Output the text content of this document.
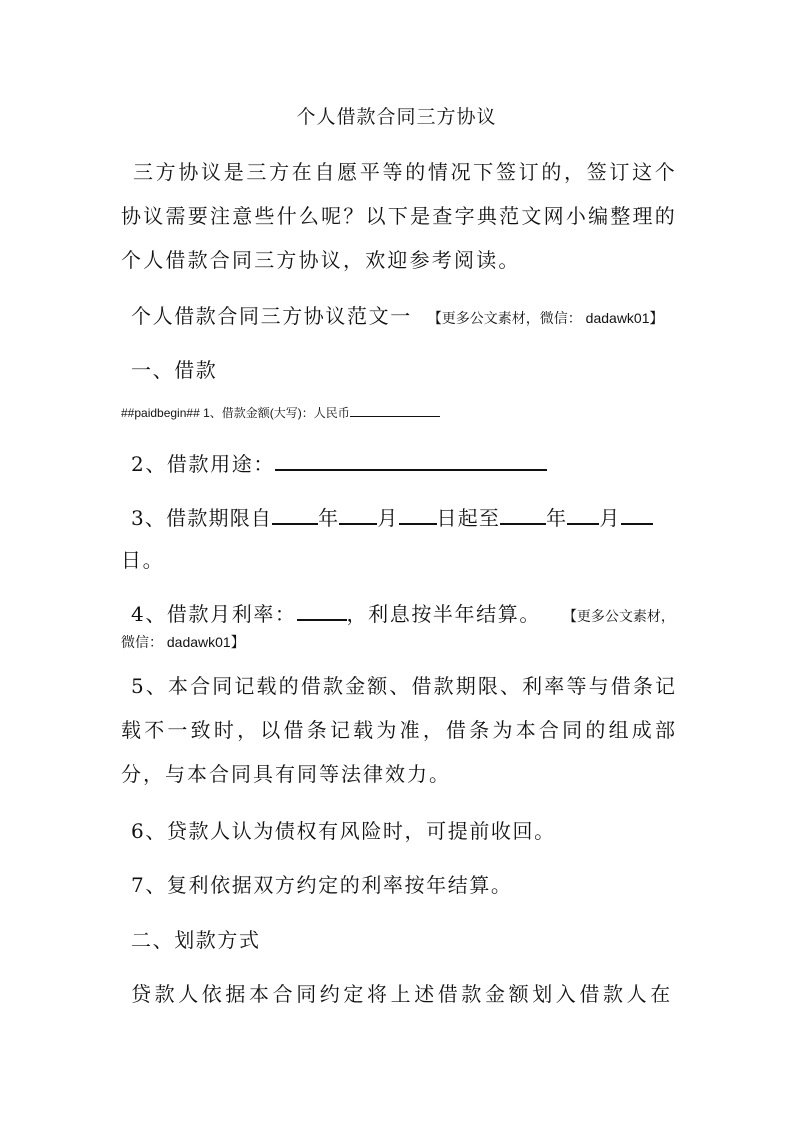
个人借款合同三方协议
三方协议是三方在自愿平等的情况下签订的，签订这个协议需要注意些什么呢？以下是查字典范文网小编整理的个人借款合同三方协议，欢迎参考阅读。
个人借款合同三方协议范文一 【更多公文素材，微信： dadawk01】
一、借款
##paidbegin## 1、借款金额(大写)：人民币
2、借款用途：
3、借款期限自 年 月 日起至 年 月
日。
4、借款月利率：	，利息按半年结算。 【更多公文素材，
微信： dadawk01】
5、本合同记载的借款金额、借款期限、利率等与借条记载不一致时，以借条记载为准，借条为本合同的组成部分，与本合同具有同等法律效力。
6、贷款人认为债权有风险时，可提前收回。
7、复利依据双方约定的利率按年结算。
二、划款方式
贷款人依据本合同约定将上述借款金额划入借款人在
